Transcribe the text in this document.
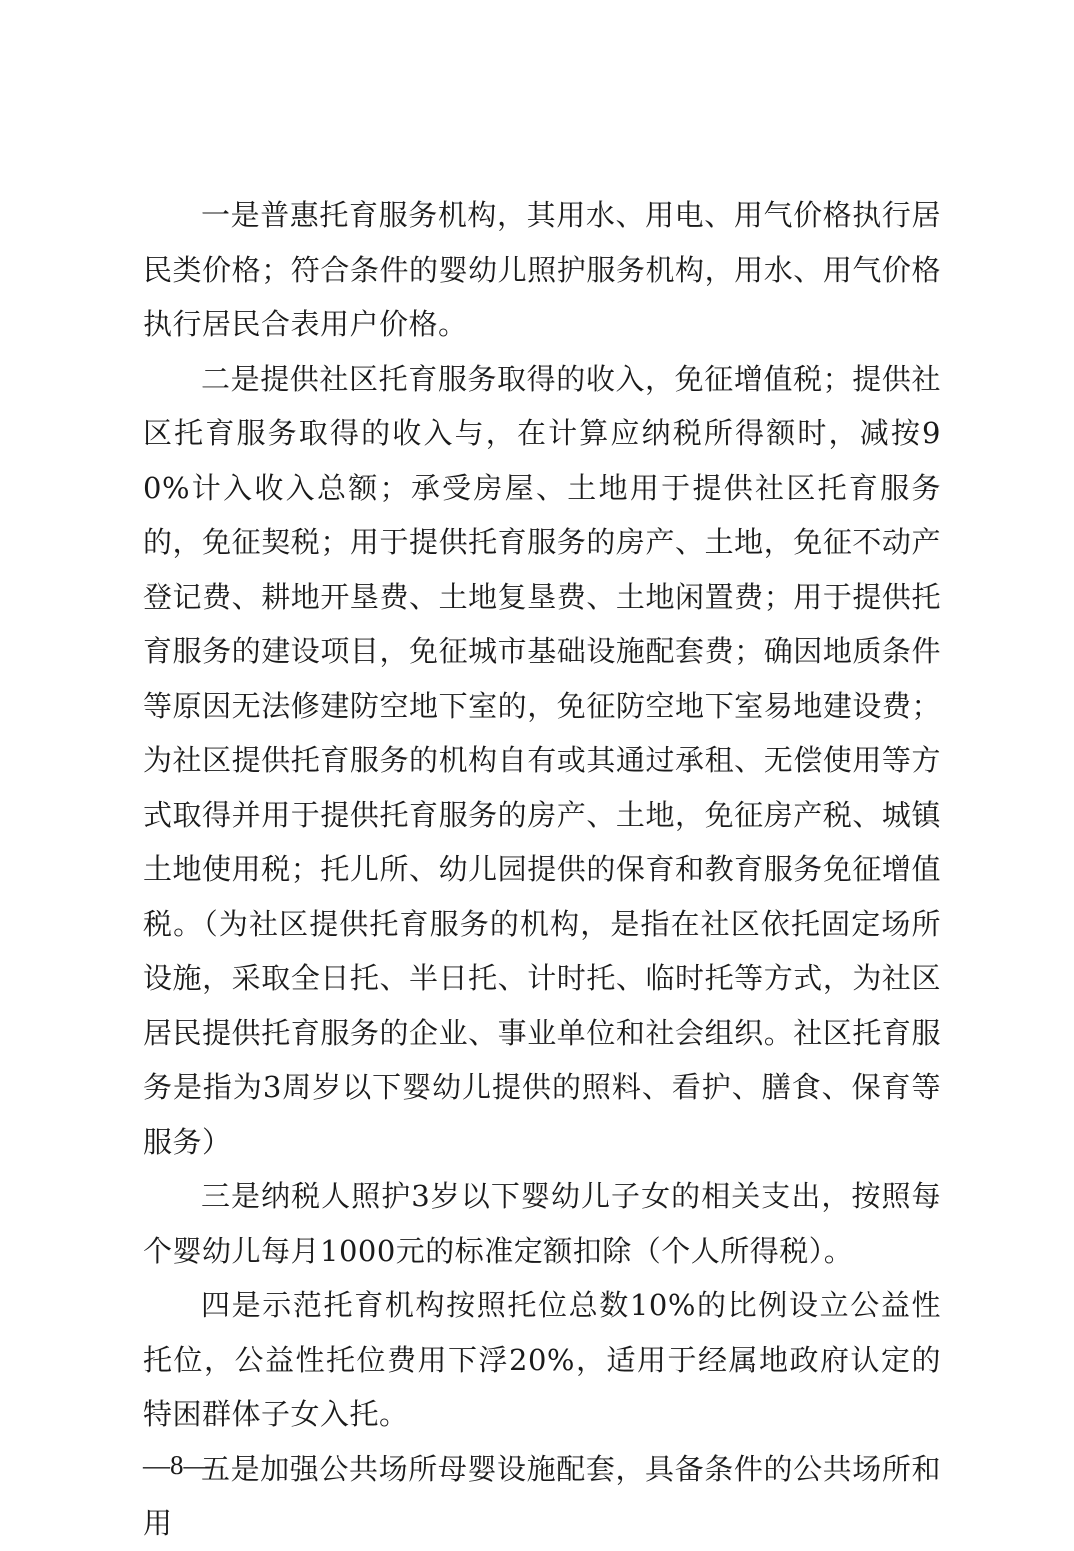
一是普惠托育服务机构，其用水、用电、用气价格执行居民类价格；符合条件的婴幼儿照护服务机构，用水、用气价格执行居民合表用户价格。

二是提供社区托育服务取得的收入，免征增值税；提供社区托育服务取得的收入与，在计算应纳税所得额时，减按90%计入收入总额；承受房屋、土地用于提供社区托育服务的，免征契税；用于提供托育服务的房产、土地，免征不动产登记费、耕地开垦费、土地复垦费、土地闲置费；用于提供托育服务的建设项目，免征城市基础设施配套费；确因地质条件等原因无法修建防空地下室的，免征防空地下室易地建设费；为社区提供托育服务的机构自有或其通过承租、无偿使用等方式取得并用于提供托育服务的房产、土地，免征房产税、城镇土地使用税；托儿所、幼儿园提供的保育和教育服务免征增值税。（为社区提供托育服务的机构，是指在社区依托固定场所设施，采取全日托、半日托、计时托、临时托等方式，为社区居民提供托育服务的企业、事业单位和社会组织。社区托育服务是指为3周岁以下婴幼儿提供的照料、看护、膳食、保育等服务）

三是纳税人照护3岁以下婴幼儿子女的相关支出，按照每个婴幼儿每月1000元的标准定额扣除（个人所得税）。

四是示范托育机构按照托位总数10%的比例设立公益性托位，公益性托位费用下浮20%，适用于经属地政府认定的特困群体子女入托。

五是加强公共场所母婴设施配套，具备条件的公共场所和用

—8—
